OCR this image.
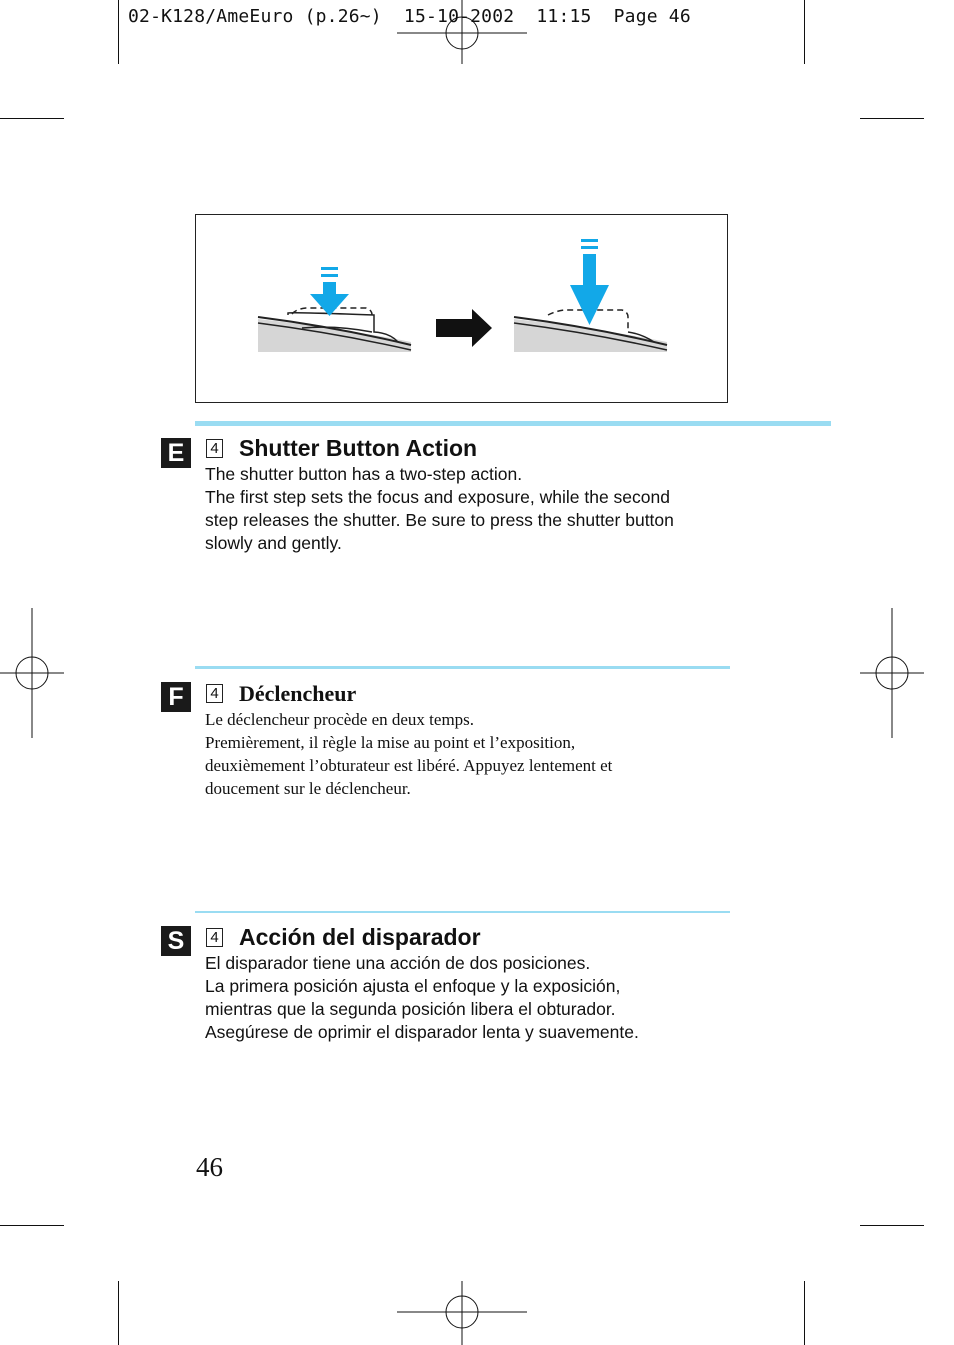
02-K128/AmeEuro (p.26~)  15-10-2002  11:15  Page 46
E	4 Shutter Button Action
The shutter button has a two-step action.
The first step sets the focus and exposure, while the second
step releases the shutter. Be sure to press the shutter button
slowly and gently.
F	4 Déclencheur
Le déclencheur procède en deux temps.
Premièrement, il règle la mise au point et l’exposition,
deuxièmement l’obturateur est libéré. Appuyez lentement et
doucement sur le déclencheur.
S	4 Acción del disparador
El disparador tiene una acción de dos posiciones.
La primera posición ajusta el enfoque y la exposición,
mientras que la segunda posición libera el obturador.
Asegúrese de oprimir el disparador lenta y suavemente.
46
